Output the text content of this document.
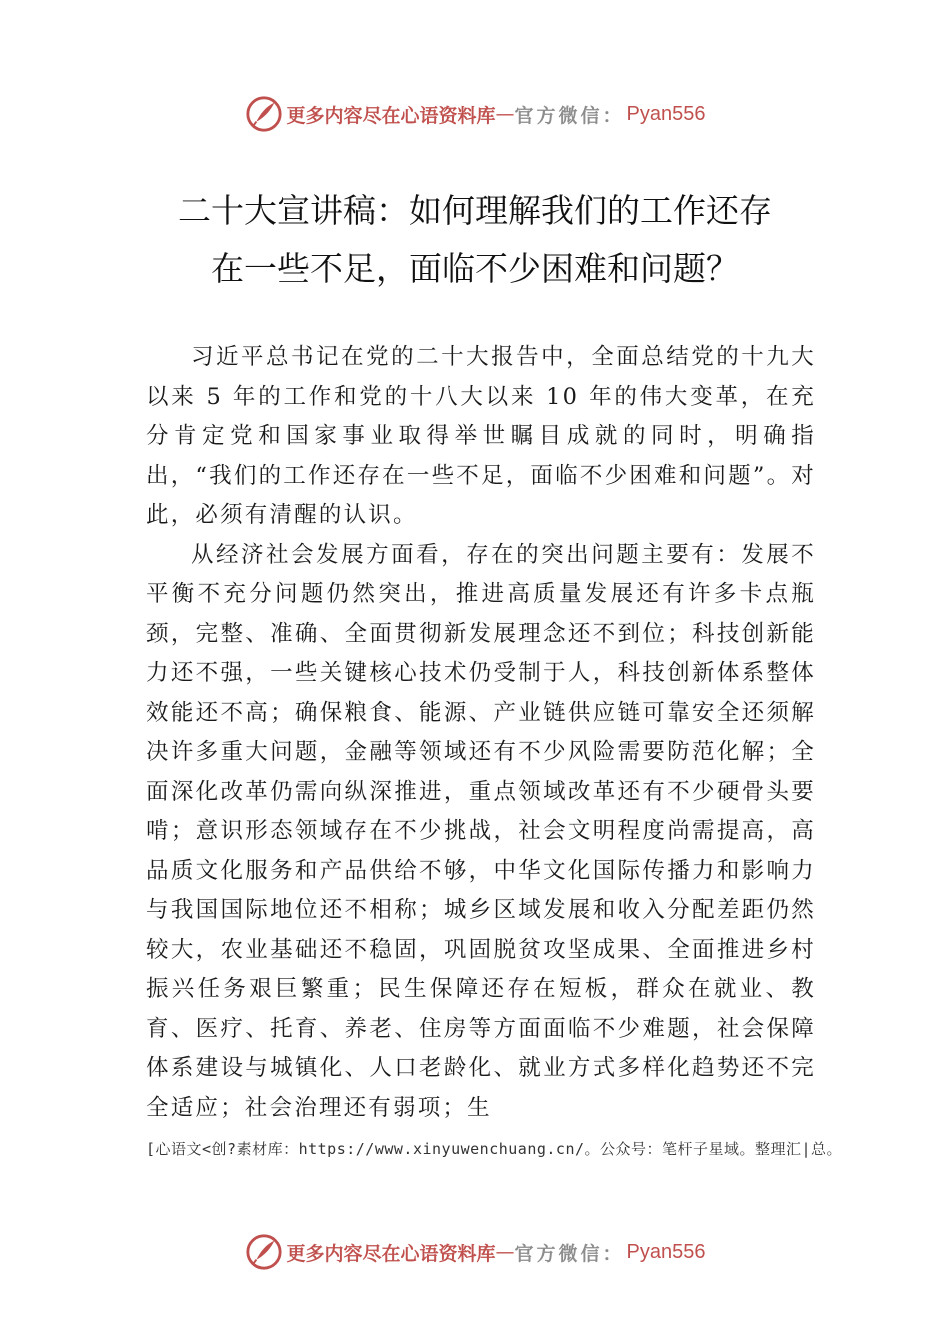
更多内容尽在心语资料库 — 官方微信： Pyan556
二十大宣讲稿：如何理解我们的工作还存
在一些不足，面临不少困难和问题？

习近平总书记在党的二十大报告中，全面总结党的十九大以来 5 年的工作和党的十八大以来 10 年的伟大变革，在充分肯定党和国家事业取得举世瞩目成就的同时，明确指出，“我们的工作还存在一些不足，面临不少困难和问题”。对此，必须有清醒的认识。

从经济社会发展方面看，存在的突出问题主要有：发展不平衡不充分问题仍然突出，推进高质量发展还有许多卡点瓶颈，完整、准确、全面贯彻新发展理念还不到位；科技创新能力还不强，一些关键核心技术仍受制于人，科技创新体系整体效能还不高；确保粮食、能源、产业链供应链可靠安全还须解决许多重大问题，金融等领域还有不少风险需要防范化解；全面深化改革仍需向纵深推进，重点领域改革还有不少硬骨头要啃；意识形态领域存在不少挑战，社会文明程度尚需提高，高品质文化服务和产品供给不够，中华文化国际传播力和影响力与我国国际地位还不相称；城乡区域发展和收入分配差距仍然较大，农业基础还不稳固，巩固脱贫攻坚成果、全面推进乡村振兴任务艰巨繁重；民生保障还存在短板，群众在就业、教育、医疗、托育、养老、住房等方面面临不少难题，社会保障体系建设与城镇化、人口老龄化、就业方式多样化趋势还不完全适应；社会治理还有弱项；生

[心语文<创?素材库：https://www.xinyuwenchuang.cn/。公众号：笔杆子星域。整理汇|总。
更多内容尽在心语资料库 — 官方微信： Pyan556
